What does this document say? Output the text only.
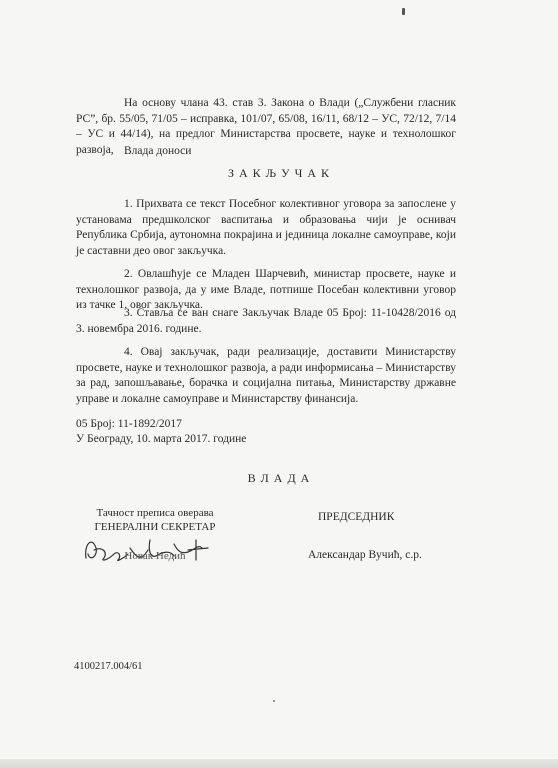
На основу члана 43. став 3. Закона о Влади („Службени гласник РС”, бр. 55/05, 71/05 – исправка, 101/07, 65/08, 16/11, 68/12 – УС, 72/12, 7/14 – УС и 44/14), на предлог Министарства просвете, науке и технолошког развоја, Влада доноси
З А К Љ У Ч А К
1. Прихвата се текст Посебног колективног уговора за запослене у установама предшколског васпитања и образовања чији је оснивач Република Србија, аутономна покрајина и јединица локалне самоуправе, који је саставни део овог закључка.
2. Овлашћује се Младен Шарчевић, министар просвете, науке и технолошког развоја, да у име Владе, потпише Посебан колективни уговор из тачке 1. овог закључка.
3. Ставља се ван снаге Закључак Владе 05 Број: 11-10428/2016 од 3. новембра 2016. године.
4. Овај закључак, ради реализације, доставити Министарству просвете, науке и технолошког развоја, а ради информисања – Министарству за рад, запошљавање, борачка и социјална питања, Министарству државне управе и локалне самоуправе и Министарству финансија.
05 Број: 11-1892/2017
У Београду, 10. марта 2017. године
В Л А Д А
Тачност преписа оверава
ГЕНЕРАЛНИ СЕКРЕТАР
Новак Недић
ПРЕДСЕДНИК
Александар Вучић, с.р.
4100217.004/61
